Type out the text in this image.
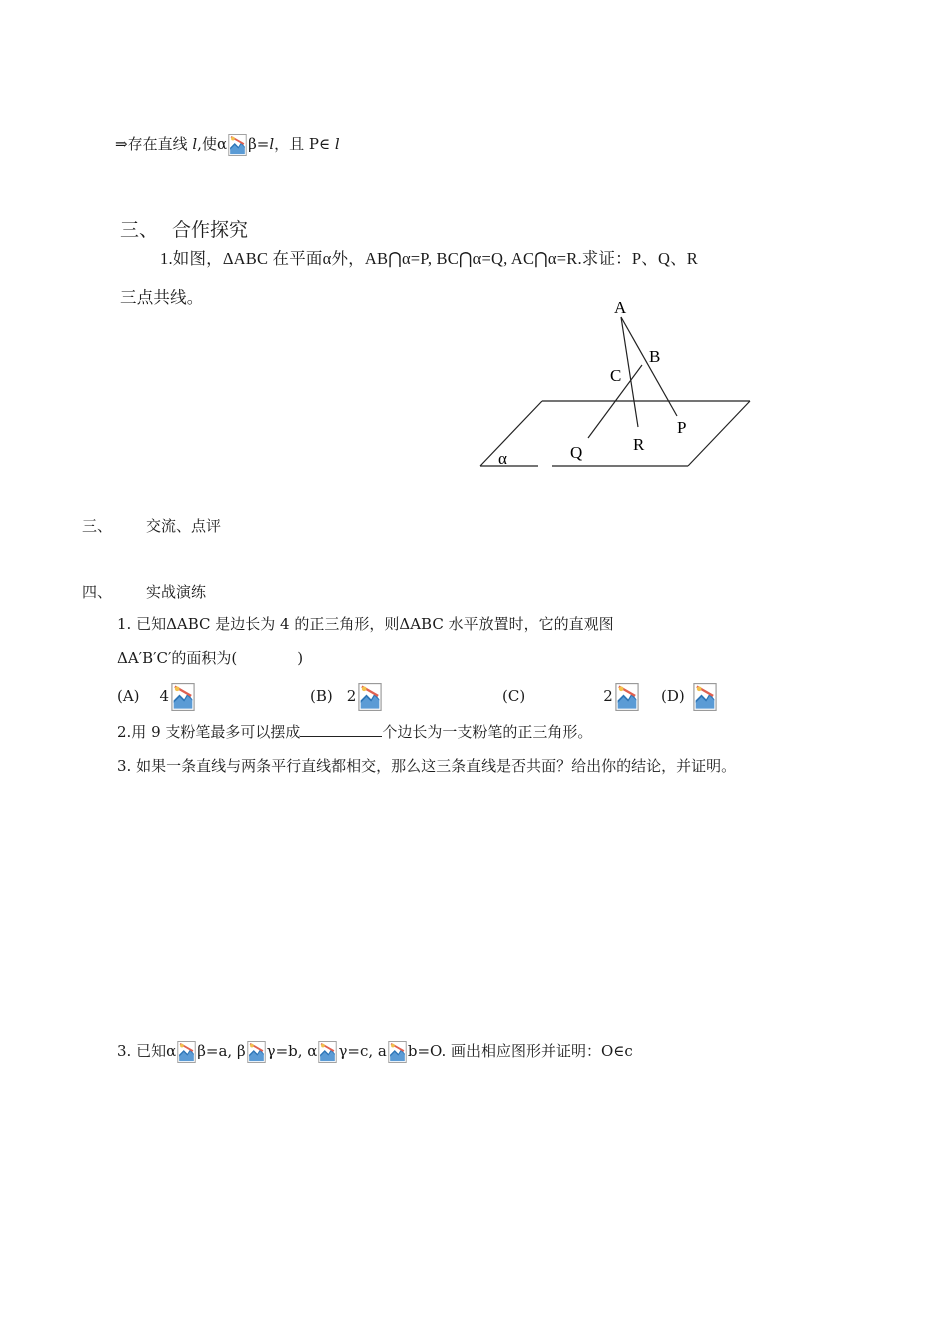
⇒存在直线 l,使α β=l，且 P∈ l
三、 合作探究
1.如图，ΔABC 在平面α外，AB⋂α=P, BC⋂α=Q, AC⋂α=R.求证：P、Q、R
三点共线。
A
B
C
P
Q	R
α
三、 交流、点评
四、 实战演练
1. 已知ΔABC 是边长为 4 的正三角形，则ΔABC 水平放置时，它的直观图
ΔA′B′C′的面积为(	)
(A) 4	(B) 2	(C)	2	(D)
2.用 9 支粉笔最多可以摆成	个边长为一支粉笔的正三角形。
3. 如果一条直线与两条平行直线都相交，那么这三条直线是否共面？给出你的结论，并证明。
3. 已知α β=a, β γ=b, α γ=c, a b=O. 画出相应图形并证明：O∈c
